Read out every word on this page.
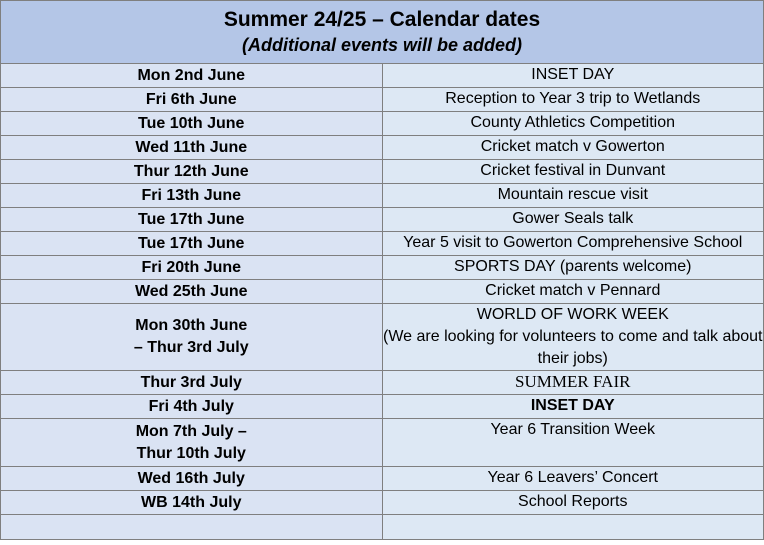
Summer 24/25 – Calendar dates
(Additional events will be added)	

Mon 2nd June	INSET DAY
Fri 6th June	Reception to Year 3 trip to Wetlands
Tue 10th June	County Athletics Competition
Wed 11th June	Cricket match v Gowerton
Thur 12th June	Cricket festival in Dunvant
Fri 13th June	Mountain rescue visit
Tue 17th June	Gower Seals talk
Tue 17th June	Year 5 visit to Gowerton Comprehensive School
Fri 20th June	SPORTS DAY (parents welcome)
Wed 25th June	Cricket match v Pennard

Mon 30th June
– Thur 3rd July	WORLD OF WORK WEEK
(We are looking for volunteers to come and talk about their jobs)

Thur 3rd July	SUMMER FAIR
Fri 4th July	INSET DAY

Mon 7th July –
Thur 10th July	Year 6 Transition Week
Wed 16th July	Year 6 Leavers’ Concert
WB 14th July	School Reports
